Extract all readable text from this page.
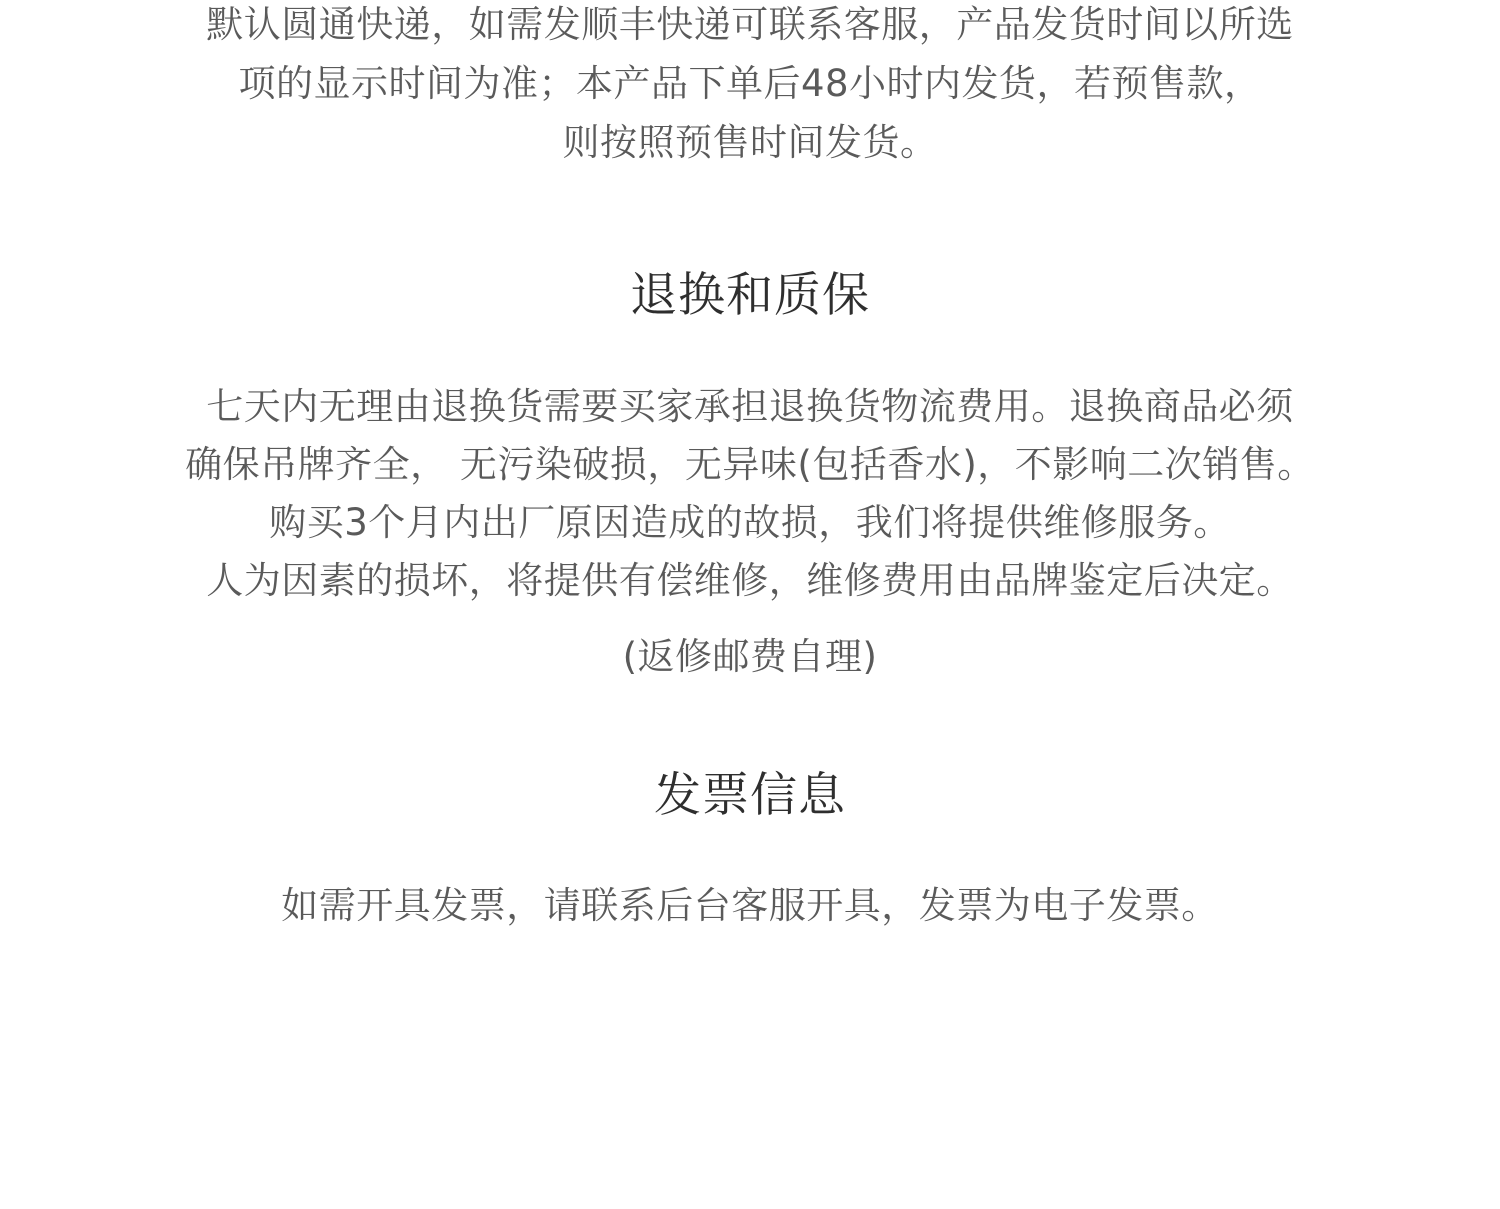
默认圆通快递，如需发顺丰快递可联系客服，产品发货时间以所选
项的显示时间为准；本产品下单后48小时内发货，若预售款，
则按照预售时间发货。
退换和质保
七天内无理由退换货需要买家承担退换货物流费用。退换商品必须
确保吊牌齐全， 无污染破损，无异味(包括香水)，不影响二次销售。
购买3个月内出厂原因造成的故损，我们将提供维修服务。
人为因素的损坏，将提供有偿维修，维修费用由品牌鉴定后决定。
(返修邮费自理)
发票信息
如需开具发票，请联系后台客服开具，发票为电子发票。
